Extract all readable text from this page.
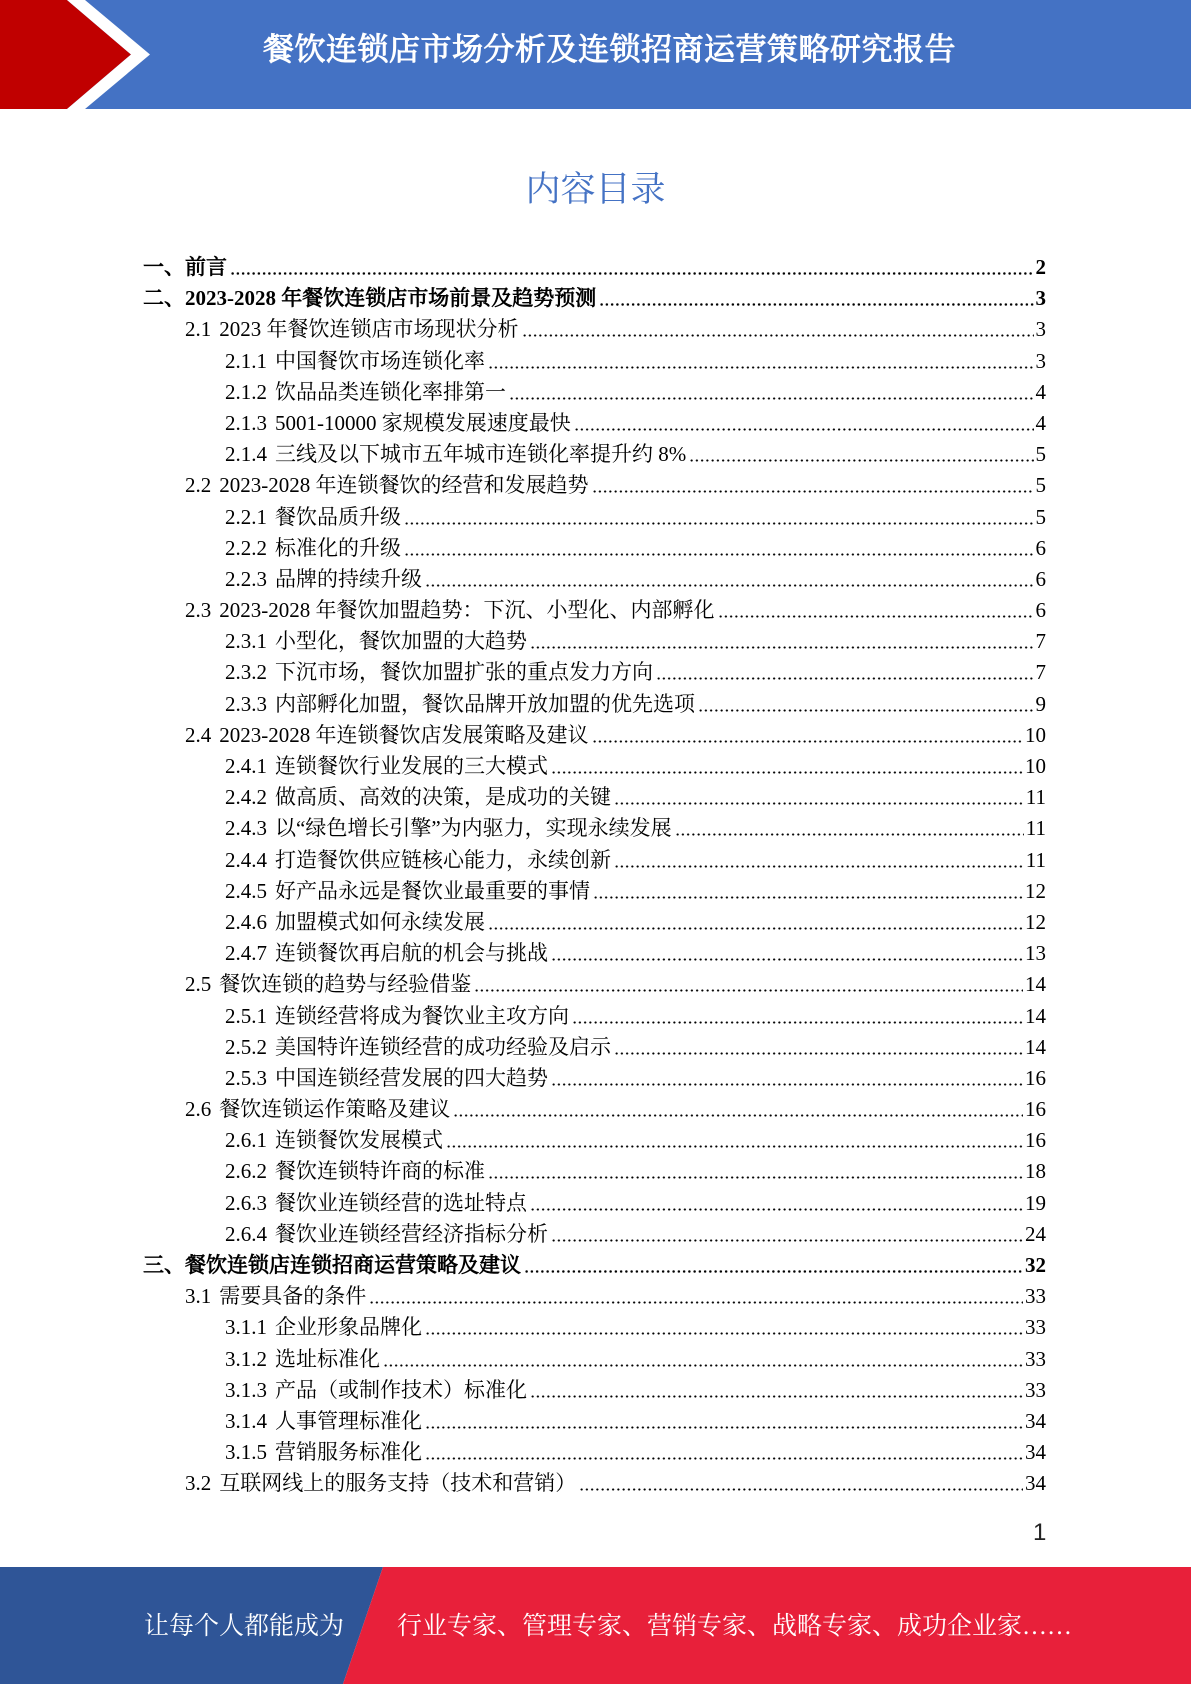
餐饮连锁店市场分析及连锁招商运营策略研究报告
内容目录
一、 前言	2
二、 2023-2028 年餐饮连锁店市场前景及趋势预测	3
2.1 2023 年餐饮连锁店市场现状分析	3
2.1.1 中国餐饮市场连锁化率	3
2.1.2 饮品品类连锁化率排第一	4
2.1.3 5001-10000 家规模发展速度最快	4
2.1.4 三线及以下城市五年城市连锁化率提升约 8%	5
2.2 2023-2028 年连锁餐饮的经营和发展趋势	5
2.2.1 餐饮品质升级	5
2.2.2 标准化的升级	6
2.2.3 品牌的持续升级	6
2.3 2023-2028 年餐饮加盟趋势：下沉、小型化、内部孵化	6
2.3.1 小型化，餐饮加盟的大趋势	7
2.3.2 下沉市场，餐饮加盟扩张的重点发力方向	7
2.3.3 内部孵化加盟，餐饮品牌开放加盟的优先选项	9
2.4 2023-2028 年连锁餐饮店发展策略及建议	10
2.4.1 连锁餐饮行业发展的三大模式	10
2.4.2 做高质、高效的决策，是成功的关键	11
2.4.3 以“绿色增长引擎”为内驱力，实现永续发展	11
2.4.4 打造餐饮供应链核心能力，永续创新	11
2.4.5 好产品永远是餐饮业最重要的事情	12
2.4.6 加盟模式如何永续发展	12
2.4.7 连锁餐饮再启航的机会与挑战	13
2.5 餐饮连锁的趋势与经验借鉴	14
2.5.1 连锁经营将成为餐饮业主攻方向	14
2.5.2 美国特许连锁经营的成功经验及启示	14
2.5.3 中国连锁经营发展的四大趋势	16
2.6 餐饮连锁运作策略及建议	16
2.6.1 连锁餐饮发展模式	16
2.6.2 餐饮连锁特许商的标准	18
2.6.3 餐饮业连锁经营的选址特点	19
2.6.4 餐饮业连锁经营经济指标分析	24
三、 餐饮连锁店连锁招商运营策略及建议	32
3.1 需要具备的条件	33
3.1.1 企业形象品牌化	33
3.1.2 选址标准化	33
3.1.3 产品（或制作技术）标准化	33
3.1.4 人事管理标准化	34
3.1.5 营销服务标准化	34
3.2 互联网线上的服务支持（技术和营销）	34
1
让每个人都能成为 行业专家、管理专家、营销专家、战略专家、成功企业家……
